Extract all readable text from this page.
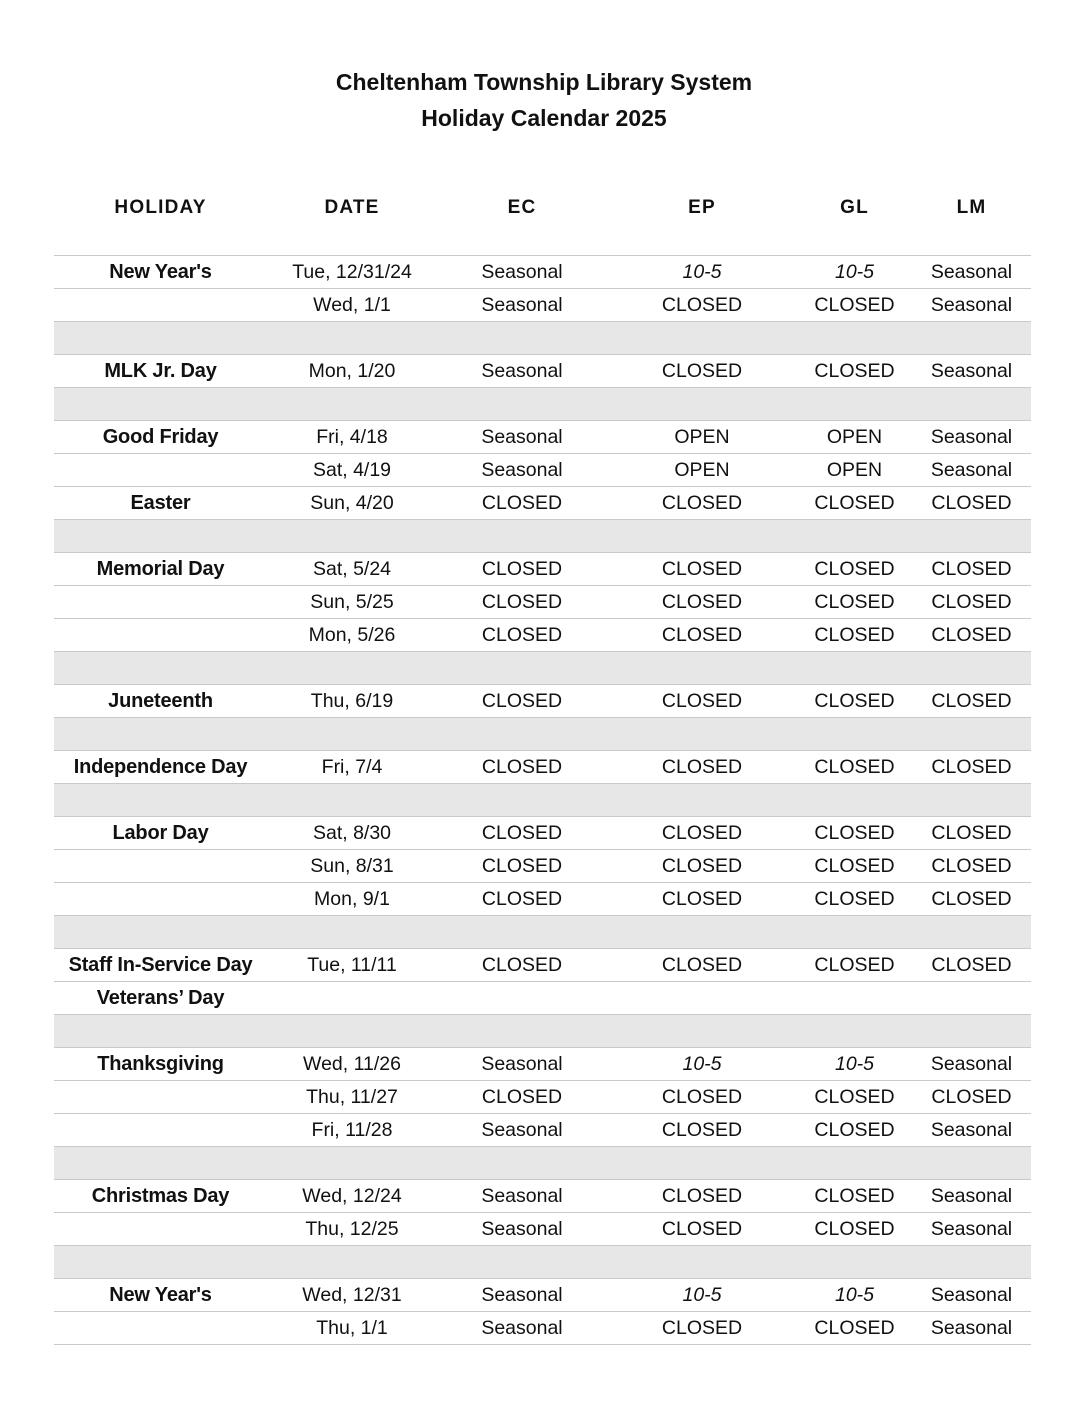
Cheltenham Township Library System
Holiday Calendar 2025
HOLIDAY	DATE	EC	EP	GL	LM
New Year's	Tue, 12/31/24	Seasonal	10-5	10-5	Seasonal
Wed, 1/1	Seasonal	CLOSED	CLOSED	Seasonal
MLK Jr. Day	Mon, 1/20	Seasonal	CLOSED	CLOSED	Seasonal
Good Friday	Fri, 4/18	Seasonal	OPEN	OPEN	Seasonal
Sat, 4/19	Seasonal	OPEN	OPEN	Seasonal
Easter	Sun, 4/20	CLOSED	CLOSED	CLOSED	CLOSED
Memorial Day	Sat, 5/24	CLOSED	CLOSED	CLOSED	CLOSED
Sun, 5/25	CLOSED	CLOSED	CLOSED	CLOSED
Mon, 5/26	CLOSED	CLOSED	CLOSED	CLOSED
Juneteenth	Thu, 6/19	CLOSED	CLOSED	CLOSED	CLOSED
Independence Day	Fri, 7/4	CLOSED	CLOSED	CLOSED	CLOSED
Labor Day	Sat, 8/30	CLOSED	CLOSED	CLOSED	CLOSED
Sun, 8/31	CLOSED	CLOSED	CLOSED	CLOSED
Mon, 9/1	CLOSED	CLOSED	CLOSED	CLOSED
Staff In-Service Day	Tue, 11/11	CLOSED	CLOSED	CLOSED	CLOSED
Veterans’ Day
Thanksgiving	Wed, 11/26	Seasonal	10-5	10-5	Seasonal
Thu, 11/27	CLOSED	CLOSED	CLOSED	CLOSED
Fri, 11/28	Seasonal	CLOSED	CLOSED	Seasonal
Christmas Day	Wed, 12/24	Seasonal	CLOSED	CLOSED	Seasonal
Thu, 12/25	Seasonal	CLOSED	CLOSED	Seasonal
New Year's	Wed, 12/31	Seasonal	10-5	10-5	Seasonal
Thu, 1/1	Seasonal	CLOSED	CLOSED	Seasonal
